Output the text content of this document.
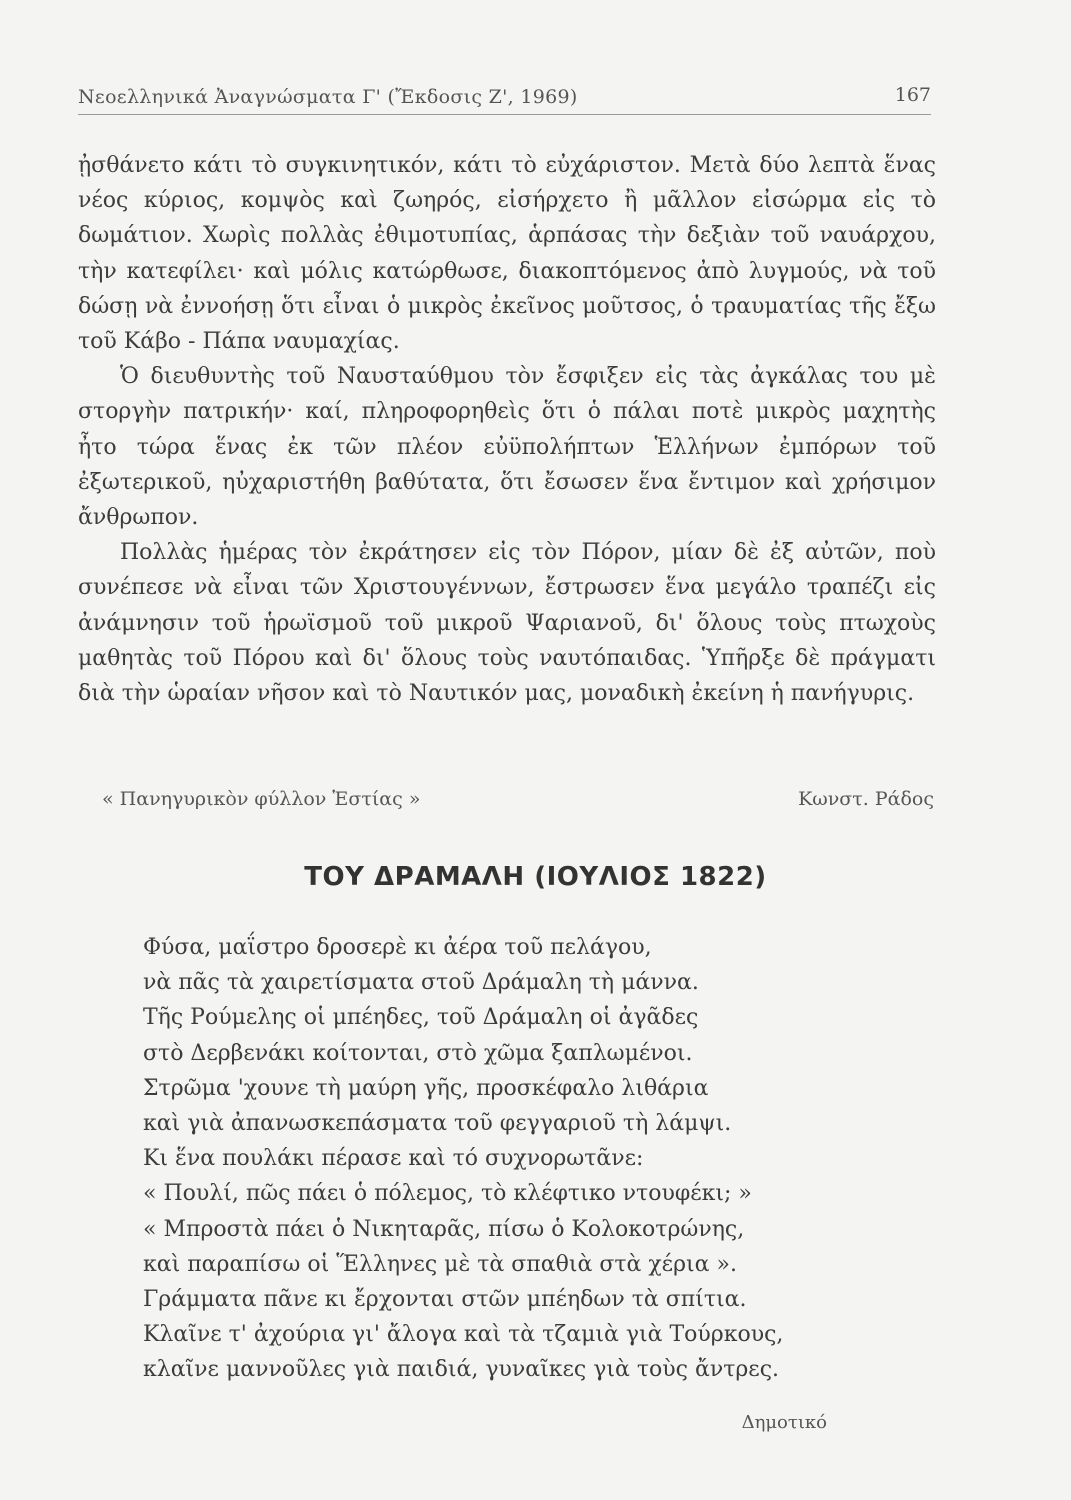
Νεοελληνικά Ἀναγνώσματα Γ' (Ἔκδοσις Ζ', 1969)	167

ᾐσθάνετο κάτι τὸ συγκινητικόν, κάτι τὸ εὐχάριστον. Μετὰ δύο λεπτὰ ἕνας νέος κύριος, κομψὸς καὶ ζωηρός, εἰσήρχετο ἢ μᾶλλον εἰσώρμα εἰς τὸ δωμάτιον. Χωρὶς πολλὰς ἐθιμοτυπίας, ἁρπάσας τὴν δεξιὰν τοῦ ναυάρχου, τὴν κατεφίλει· καὶ μόλις κατώρθωσε, διακοπτόμενος ἀπὸ λυγμούς, νὰ τοῦ δώσῃ νὰ ἐννοήσῃ ὅτι εἶναι ὁ μικρὸς ἐκεῖνος μοῦτσος, ὁ τραυματίας τῆς ἔξω τοῦ Κάβο - Πάπα ναυμαχίας.

Ὁ διευθυντὴς τοῦ Ναυσταύθμου τὸν ἔσφιξεν εἰς τὰς ἀγκάλας του μὲ στοργὴν πατρικήν· καί, πληροφορηθεὶς ὅτι ὁ πάλαι ποτὲ μικρὸς μαχητὴς ἦτο τώρα ἕνας ἐκ τῶν πλέον εὐϋπολήπτων Ἑλλήνων ἐμπόρων τοῦ ἐξωτερικοῦ, ηὐχαριστήθη βαθύτατα, ὅτι ἔσωσεν ἕνα ἔντιμον καὶ χρήσιμον ἄνθρωπον.

Πολλὰς ἡμέρας τὸν ἐκράτησεν εἰς τὸν Πόρον, μίαν δὲ ἐξ αὐτῶν, ποὺ συνέπεσε νὰ εἶναι τῶν Χριστουγέννων, ἔστρωσεν ἕνα μεγάλο τραπέζι εἰς ἀνάμνησιν τοῦ ἡρωϊσμοῦ τοῦ μικροῦ Ψαριανοῦ, δι' ὅλους τοὺς πτωχοὺς μαθητὰς τοῦ Πόρου καὶ δι' ὅλους τοὺς ναυτόπαιδας. Ὑπῆρξε δὲ πράγματι διὰ τὴν ὡραίαν νῆσον καὶ τὸ Ναυτικόν μας, μοναδικὴ ἐκείνη ἡ πανήγυρις.

« Πανηγυρικὸν φύλλον Ἑστίας »	Κωνστ. Ράδος
ΤΟΥ ΔΡΑΜΑΛΗ (ΙΟΥΛΙΟΣ 1822)
Φύσα, μαΐστρο δροσερὲ κι ἀέρα τοῦ πελάγου,
νὰ πᾶς τὰ χαιρετίσματα στοῦ Δράμαλη τὴ μάννα.
Τῆς Ρούμελης οἱ μπέηδες, τοῦ Δράμαλη οἱ ἀγᾶδες
στὸ Δερβενάκι κοίτονται, στὸ χῶμα ξαπλωμένοι.
Στρῶμα 'χουνε τὴ μαύρη γῆς, προσκέφαλο λιθάρια
καὶ γιὰ ἀπανωσκεπάσματα τοῦ φεγγαριοῦ τὴ λάμψι.
Κι ἕνα πουλάκι πέρασε καὶ τό συχνορωτᾶνε:
« Πουλί, πῶς πάει ὁ πόλεμος, τὸ κλέφτικο ντουφέκι; »
« Μπροστὰ πάει ὁ Νικηταρᾶς, πίσω ὁ Κολοκοτρώνης,
καὶ παραπίσω οἱ Ἕλληνες μὲ τὰ σπαθιὰ στὰ χέρια ».
Γράμματα πᾶνε κι ἔρχονται στῶν μπέηδων τὰ σπίτια.
Κλαῖνε τ' ἀχούρια γι' ἄλογα καὶ τὰ τζαμιὰ γιὰ Τούρκους,
κλαῖνε μαννοῦλες γιὰ παιδιά, γυναῖκες γιὰ τοὺς ἄντρες.
Δημοτικό
